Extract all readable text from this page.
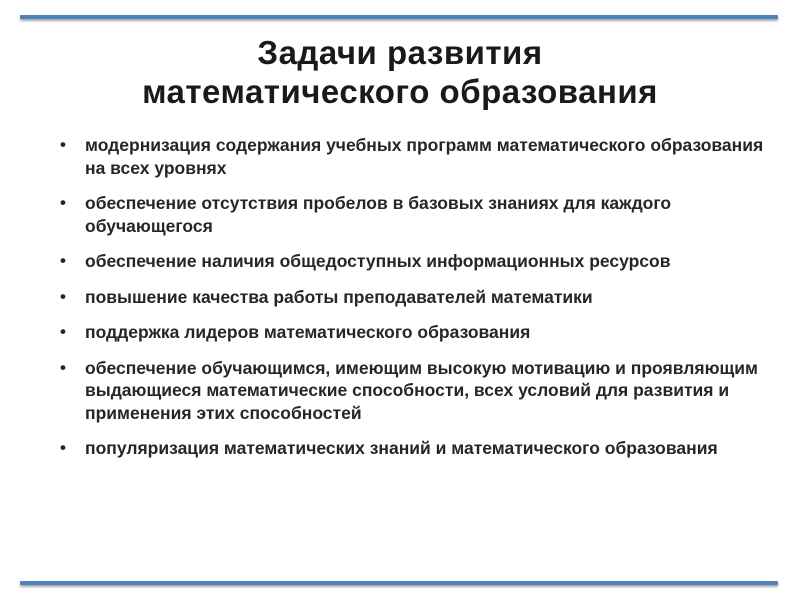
Задачи развития
математического образования
• модернизация содержания учебных программ математического образования на всех уровнях
• обеспечение отсутствия пробелов в базовых знаниях для каждого обучающегося
• обеспечение наличия общедоступных информационных ресурсов
• повышение качества работы преподавателей математики
• поддержка лидеров математического образования
• обеспечение обучающимся, имеющим высокую мотивацию и проявляющим выдающиеся математические способности, всех условий для развития и применения этих способностей
• популяризация математических знаний и математического образования
